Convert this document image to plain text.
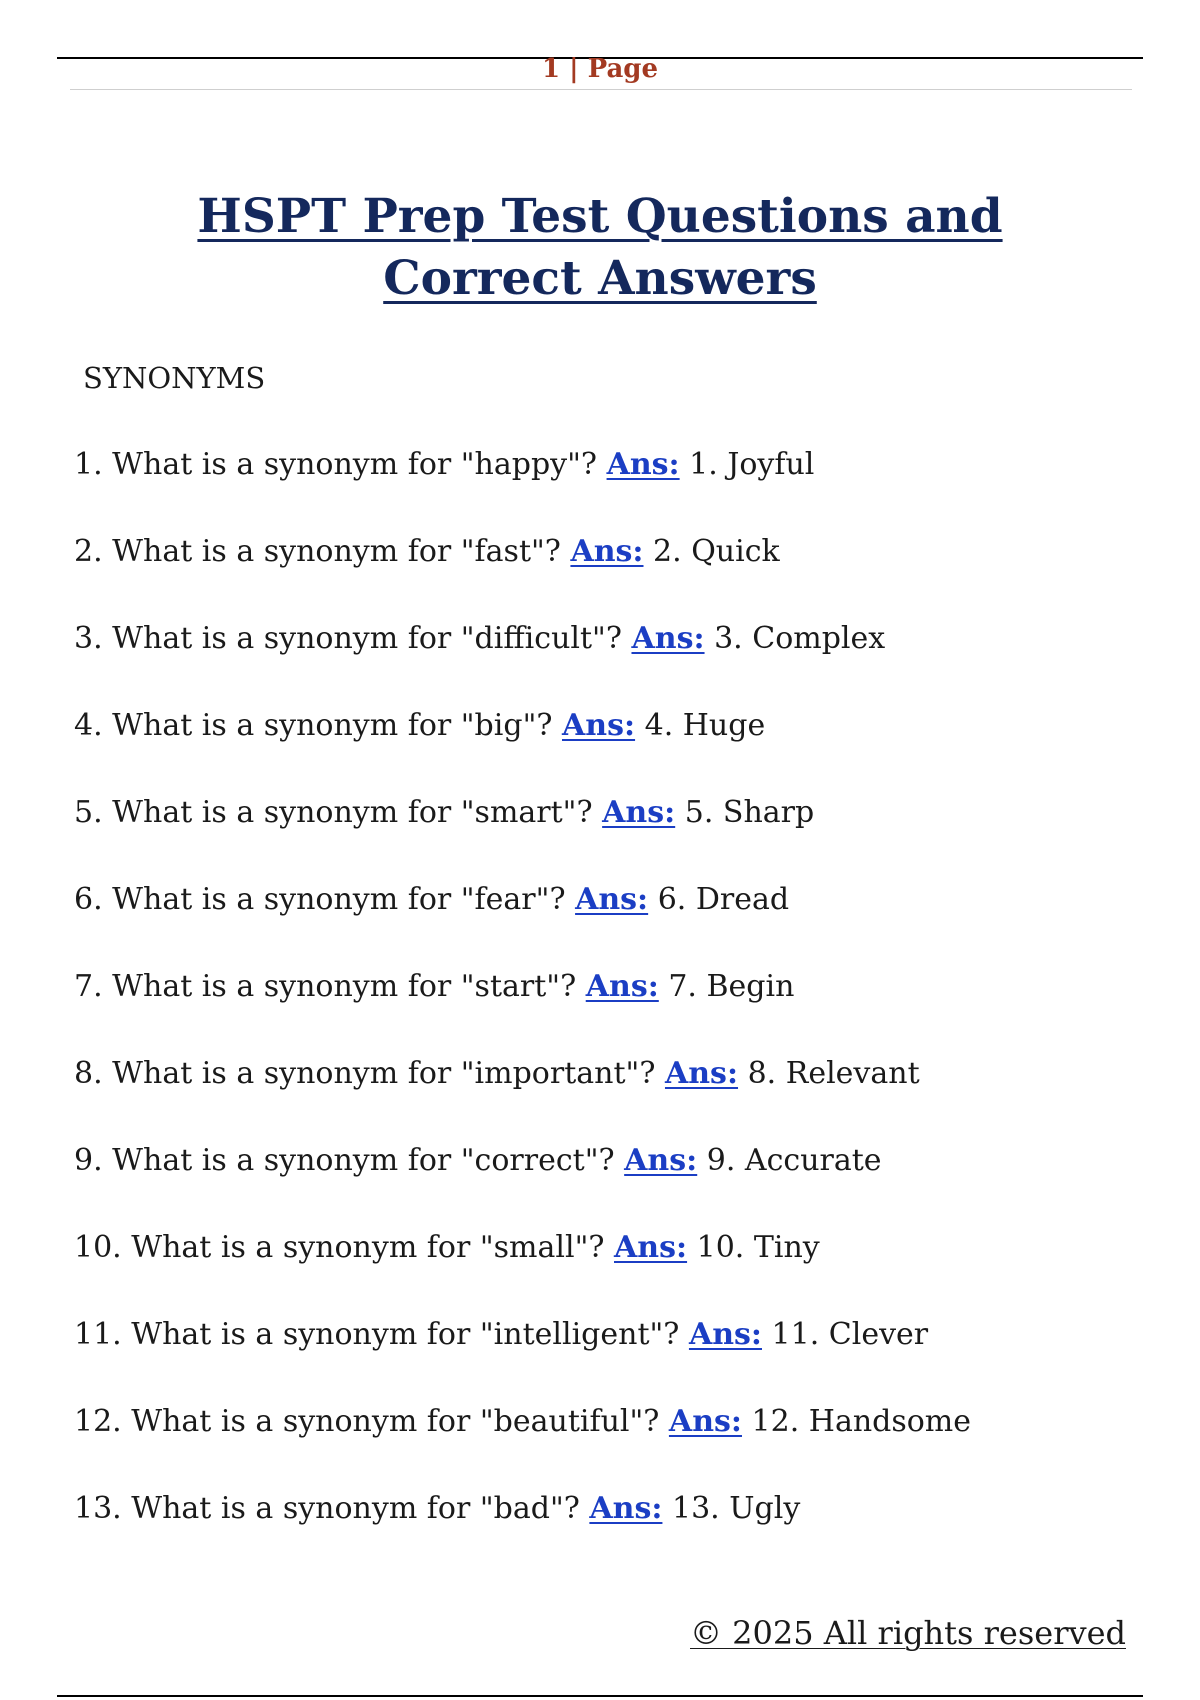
1 | Page
HSPT Prep Test Questions and Correct Answers
SYNONYMS
1. What is a synonym for "happy"? Ans: 1. Joyful
2. What is a synonym for "fast"? Ans: 2. Quick
3. What is a synonym for "difficult"? Ans: 3. Complex
4. What is a synonym for "big"? Ans: 4. Huge
5. What is a synonym for "smart"? Ans: 5. Sharp
6. What is a synonym for "fear"? Ans: 6. Dread
7. What is a synonym for "start"? Ans: 7. Begin
8. What is a synonym for "important"? Ans: 8. Relevant
9. What is a synonym for "correct"? Ans: 9. Accurate
10. What is a synonym for "small"? Ans: 10. Tiny
11. What is a synonym for "intelligent"? Ans: 11. Clever
12. What is a synonym for "beautiful"? Ans: 12. Handsome
13. What is a synonym for "bad"? Ans: 13. Ugly
© 2025 All rights reserved
